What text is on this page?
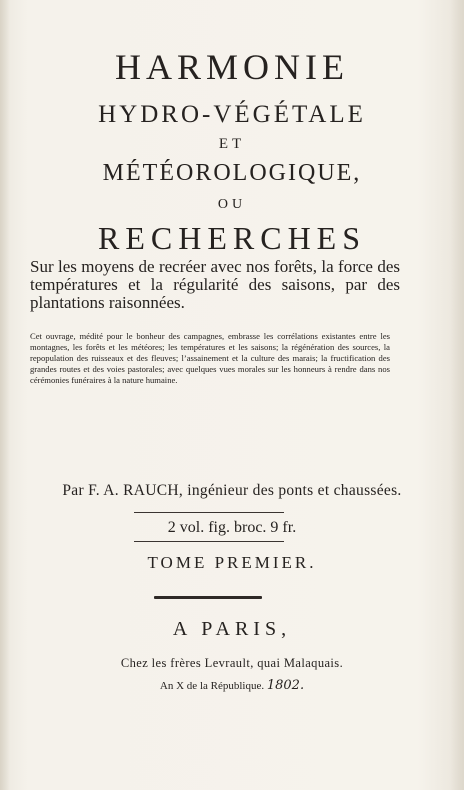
HARMONIE
HYDRO-VÉGÉTALE
ET
MÉTÉOROLOGIQUE,
OU
RECHERCHES
Sur les moyens de recréer avec nos forêts, la force des températures et la régularité des saisons, par des plantations raisonnées.
Cet ouvrage, médité pour le bonheur des campagnes, embrasse les corrélations existantes entre les montagnes, les forêts et les météores; les températures et les saisons; la régénération des sources, la repopulation des ruisseaux et des fleuves; l’assainement et la culture des marais; la fructification des grandes routes et des voies pastorales; avec quelques vues morales sur les honneurs à rendre dans nos cérémonies funéraires à la nature humaine.
Par F. A. RAUCH, ingénieur des ponts et chaussées.
2 vol. fig. broc. 9 fr.
TOME PREMIER.
A PARIS,
Chez les frères Levrault, quai Malaquais.
An X de la République. 1802.
